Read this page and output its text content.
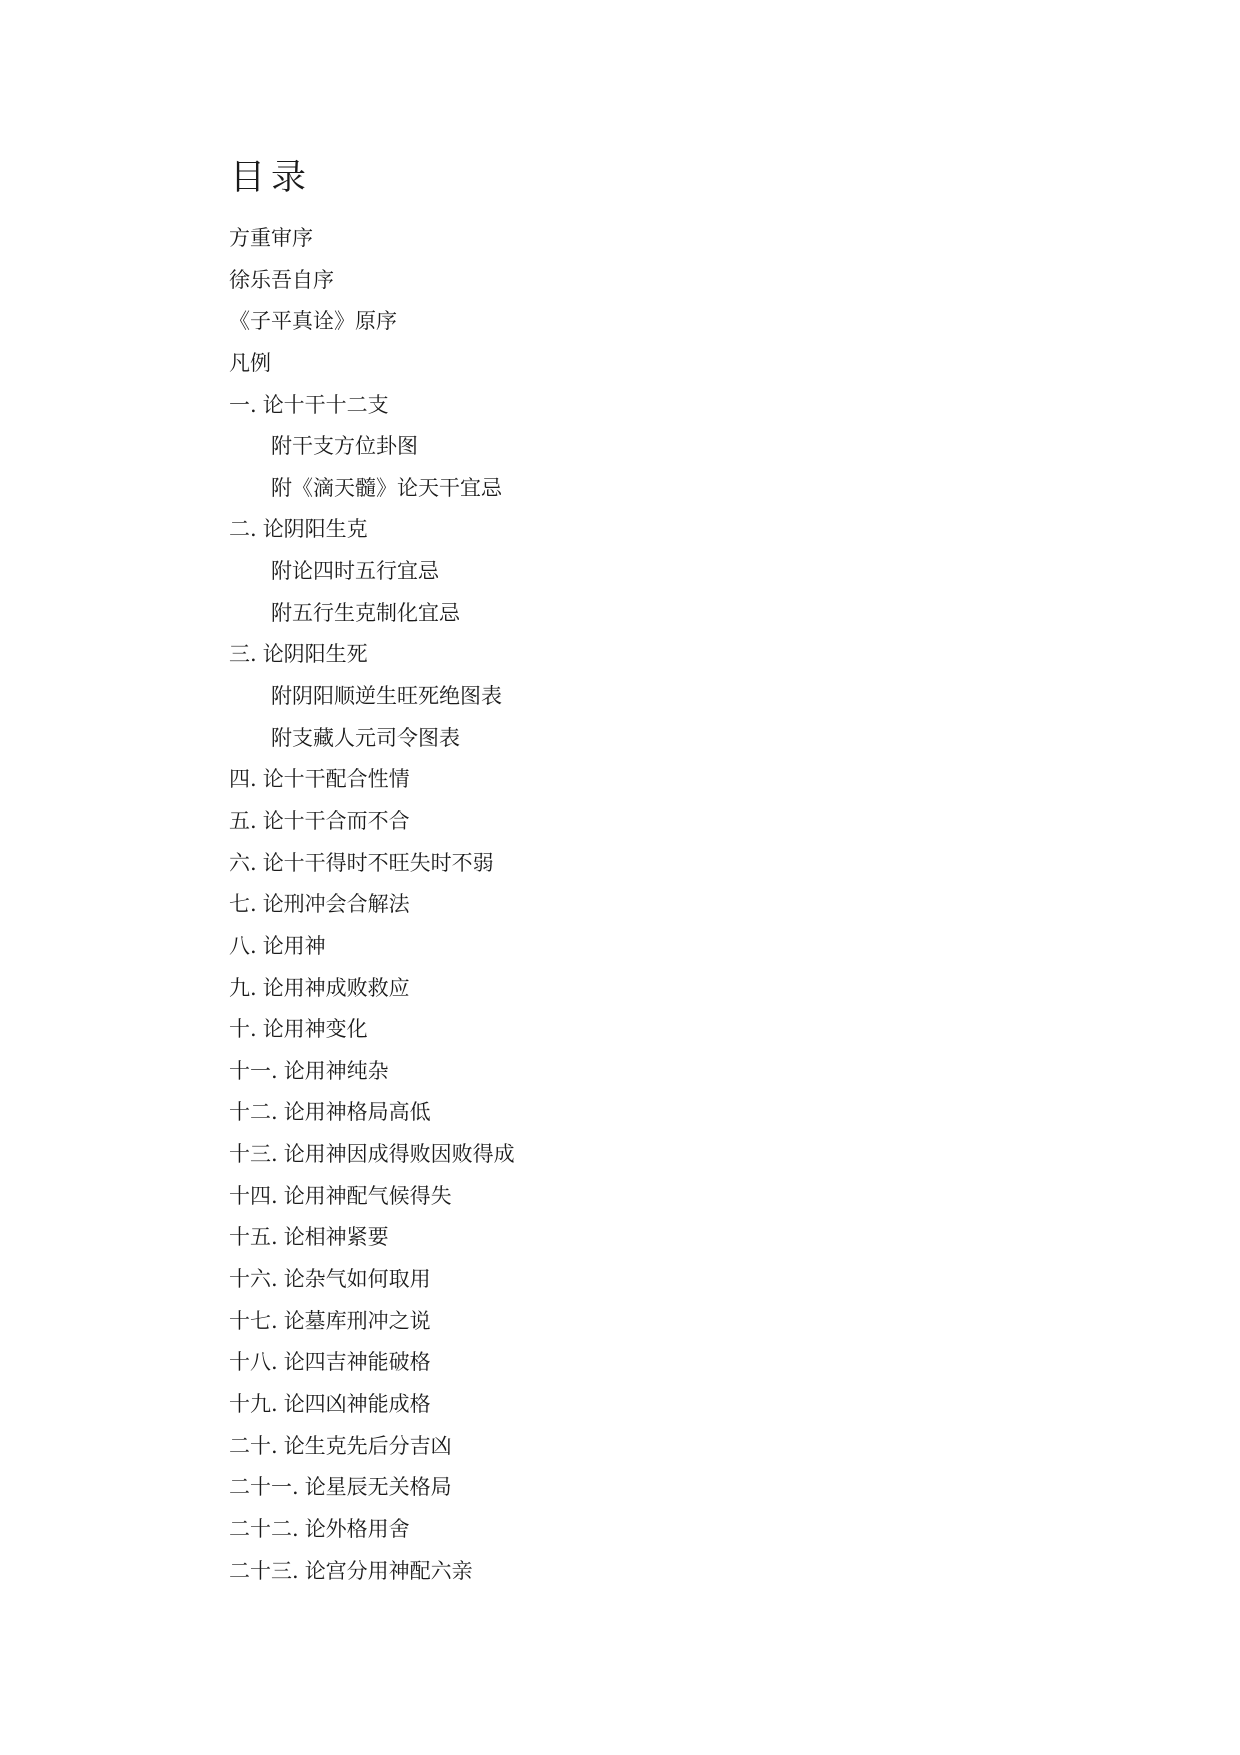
目录
方重审序
徐乐吾自序
《子平真诠》原序
凡例
一. 论十干十二支
附干支方位卦图
附《滴天髓》论天干宜忌
二. 论阴阳生克
附论四时五行宜忌
附五行生克制化宜忌
三. 论阴阳生死
附阴阳顺逆生旺死绝图表
附支藏人元司令图表
四. 论十干配合性情
五. 论十干合而不合
六. 论十干得时不旺失时不弱
七. 论刑冲会合解法
八. 论用神
九. 论用神成败救应
十. 论用神变化
十一. 论用神纯杂
十二. 论用神格局高低
十三. 论用神因成得败因败得成
十四. 论用神配气候得失
十五. 论相神紧要
十六. 论杂气如何取用
十七. 论墓库刑冲之说
十八. 论四吉神能破格
十九. 论四凶神能成格
二十. 论生克先后分吉凶
二十一. 论星辰无关格局
二十二. 论外格用舍
二十三. 论宫分用神配六亲
